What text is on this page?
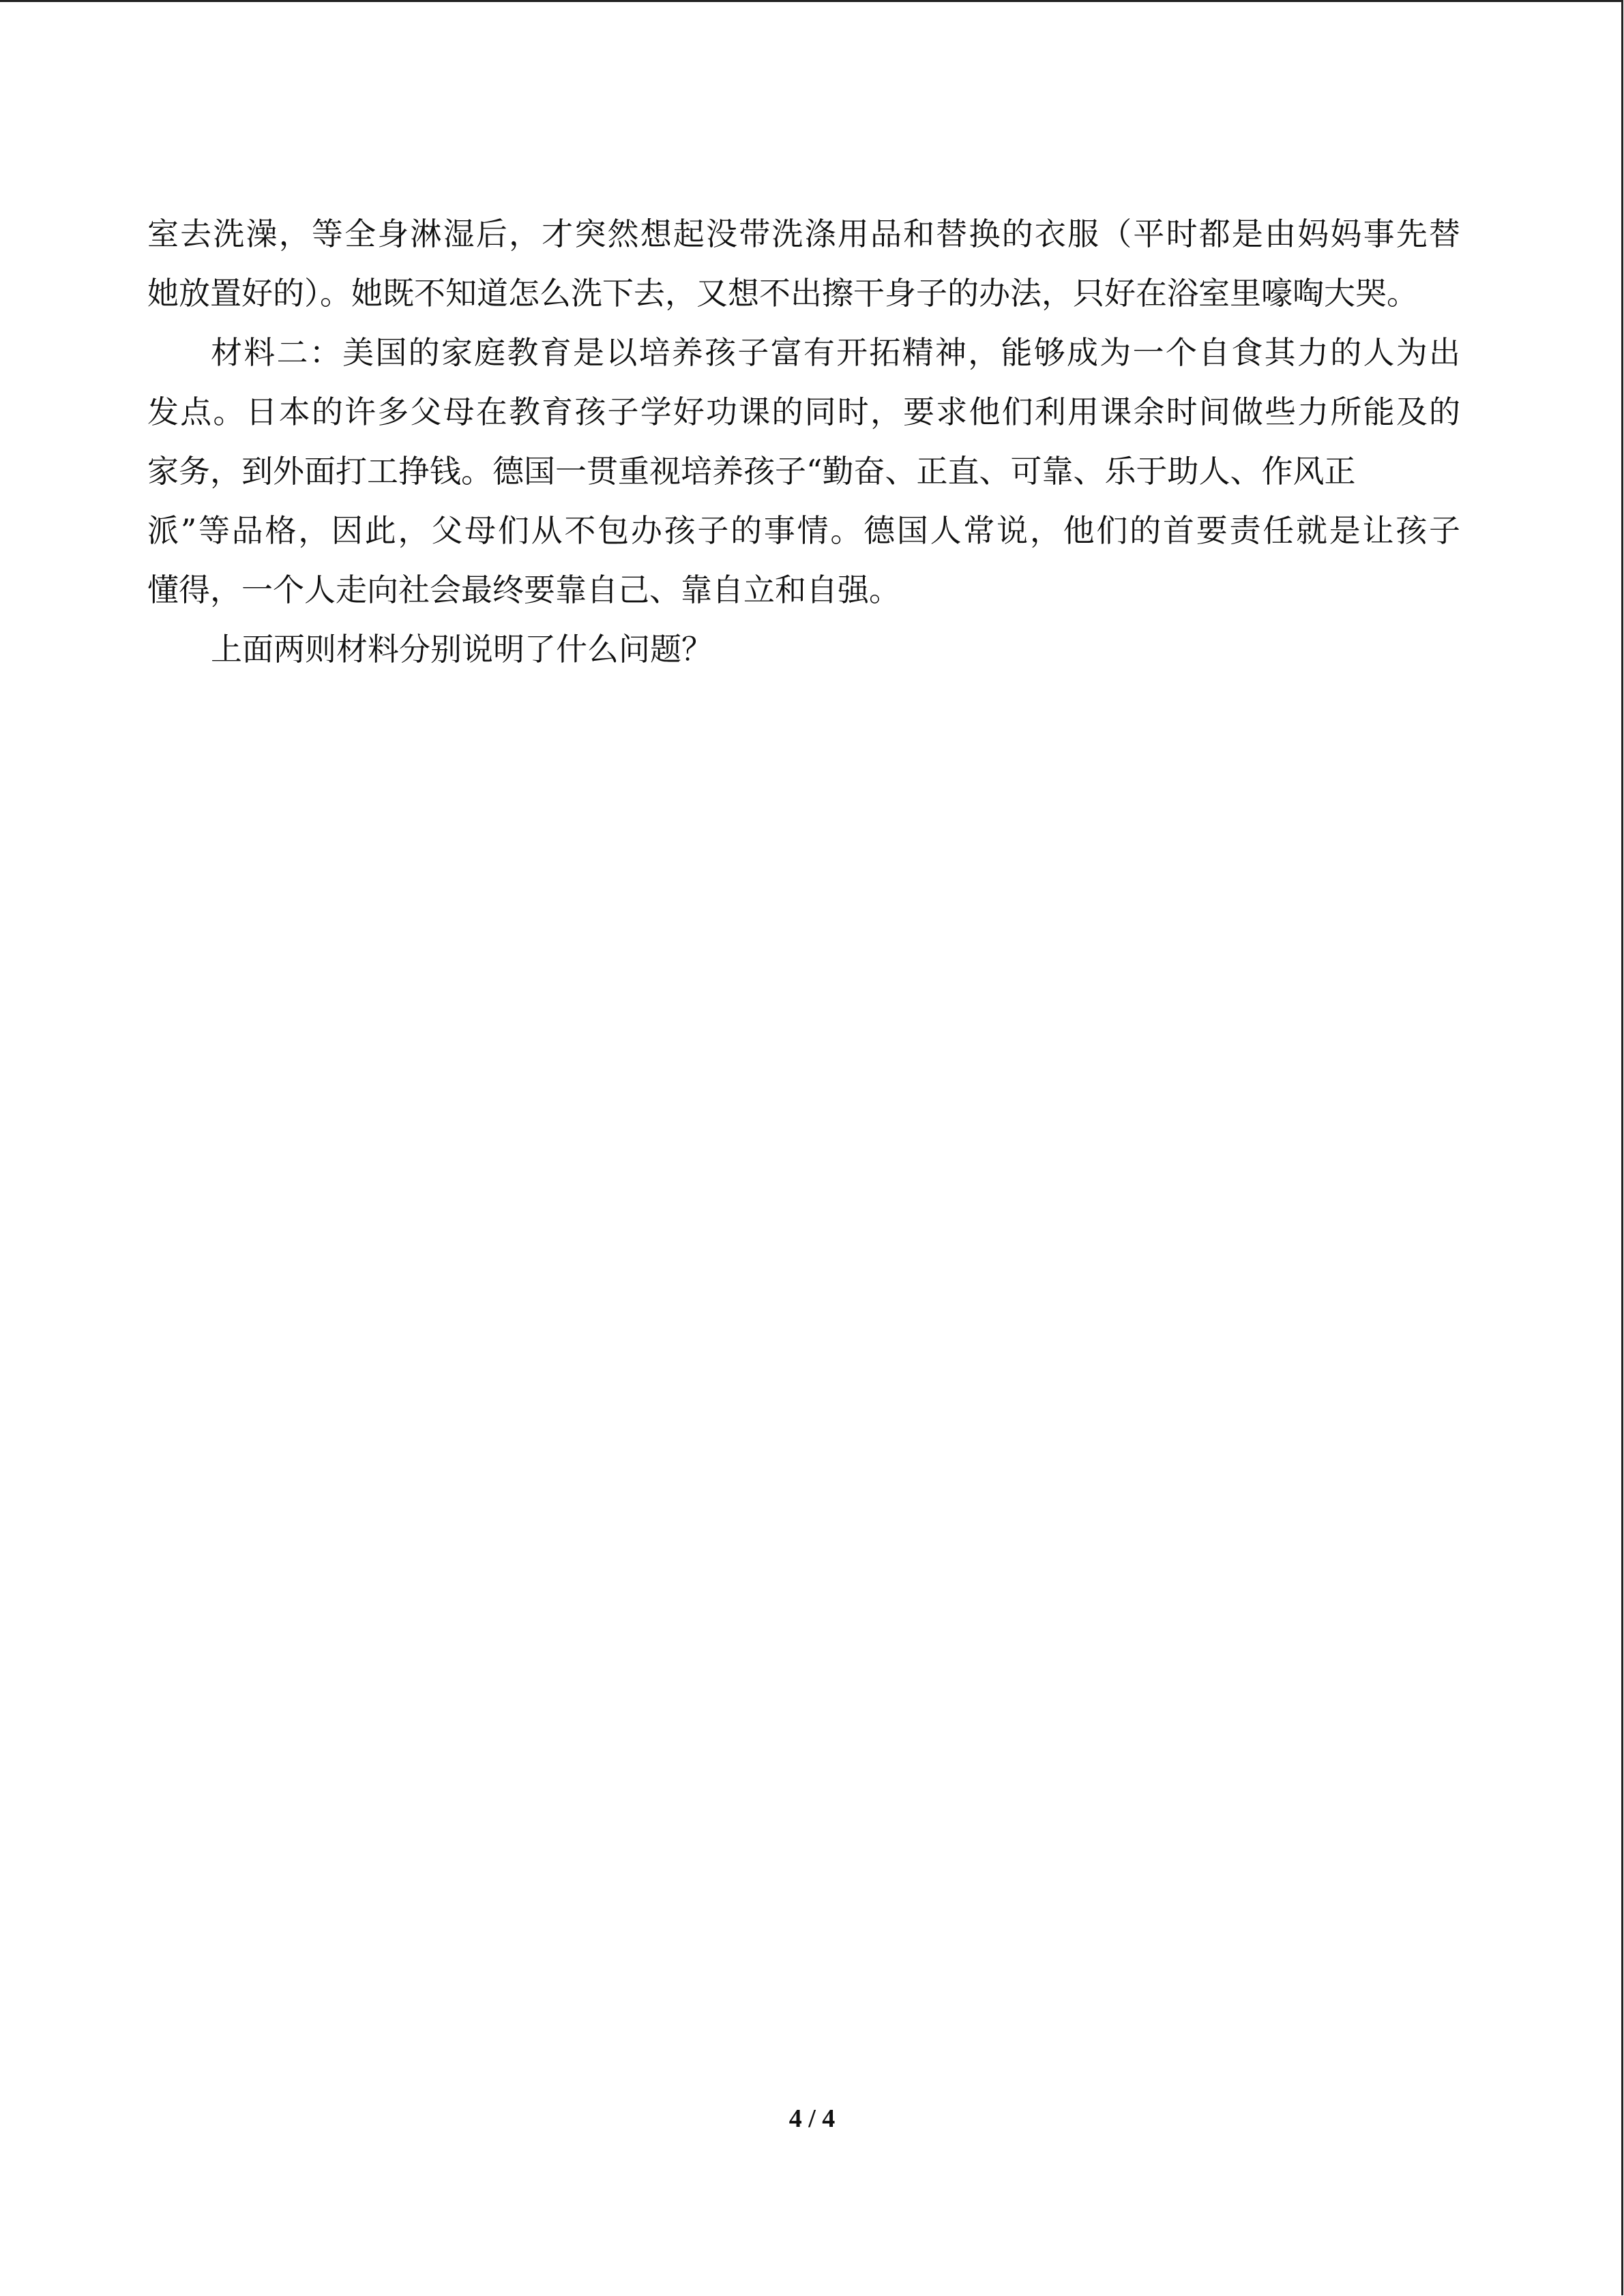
室去洗澡，等全身淋湿后，才突然想起没带洗涤用品和替换的衣服（平时都是由妈妈事先替
她放置好的）。她既不知道怎么洗下去，又想不出擦干身子的办法，只好在浴室里嚎啕大哭。
材料二：美国的家庭教育是以培养孩子富有开拓精神，能够成为一个自食其力的人为出
发点。日本的许多父母在教育孩子学好功课的同时，要求他们利用课余时间做些力所能及的
家务，到外面打工挣钱。德国一贯重视培养孩子“勤奋、正直、可靠、乐于助人、作风正
派”等品格，因此，父母们从不包办孩子的事情。德国人常说，他们的首要责任就是让孩子
懂得，一个人走向社会最终要靠自己、靠自立和自强。
上面两则材料分别说明了什么问题？
4 / 4
